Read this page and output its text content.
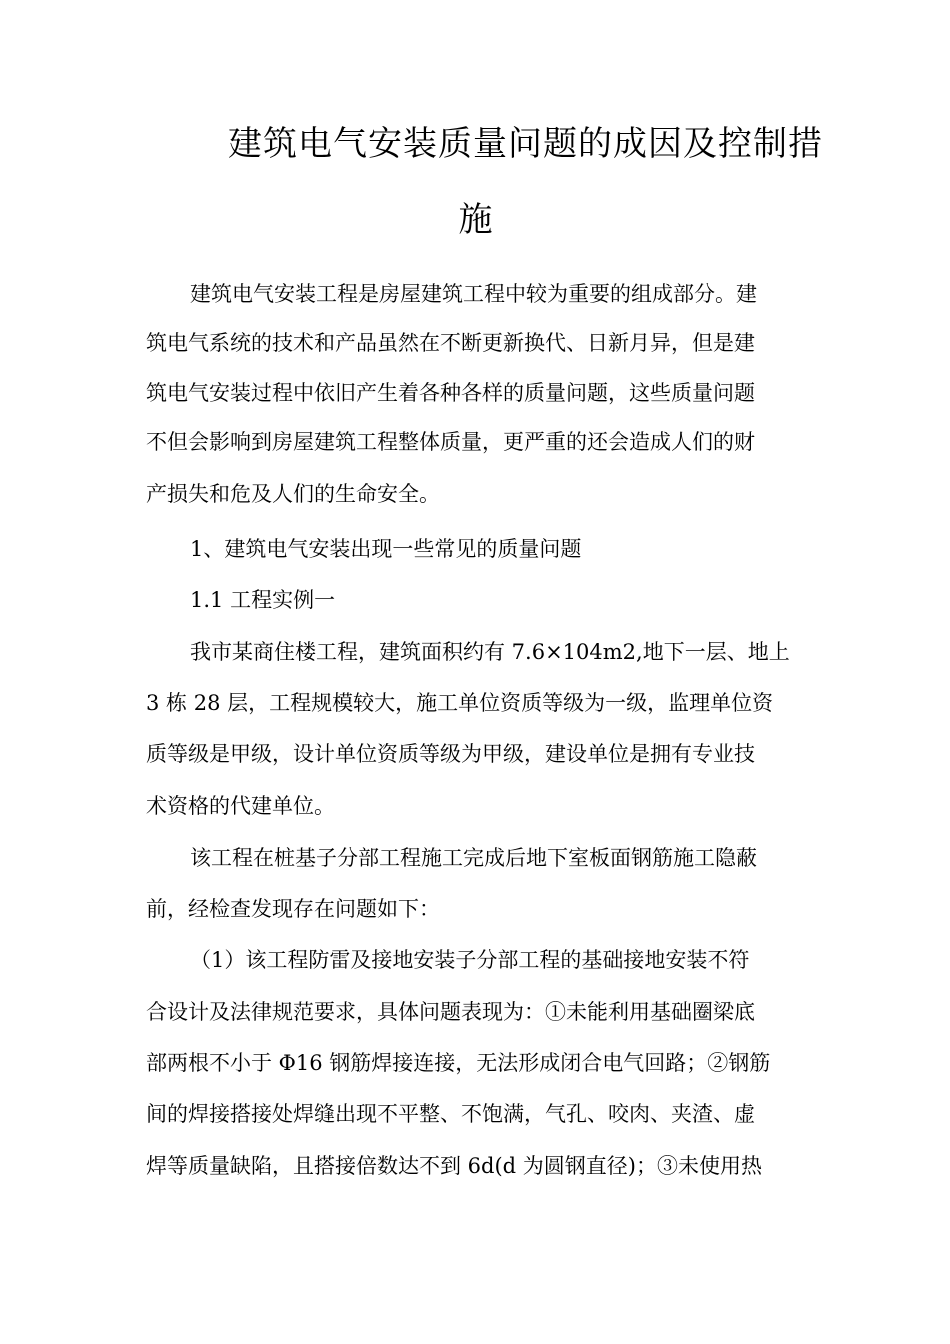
建筑电气安装质量问题的成因及控制措
施
建筑电气安装工程是房屋建筑工程中较为重要的组成部分。建
筑电气系统的技术和产品虽然在不断更新换代、日新月异，但是建
筑电气安装过程中依旧产生着各种各样的质量问题，这些质量问题
不但会影响到房屋建筑工程整体质量，更严重的还会造成人们的财
产损失和危及人们的生命安全。
1、建筑电气安装出现一些常见的质量问题
1.1 工程实例一
我市某商住楼工程，建筑面积约有 7.6×104m2,地下一层、地上
3 栋 28 层，工程规模较大，施工单位资质等级为一级，监理单位资
质等级是甲级，设计单位资质等级为甲级，建设单位是拥有专业技
术资格的代建单位。
该工程在桩基子分部工程施工完成后地下室板面钢筋施工隐蔽
前，经检查发现存在问题如下：
（1）该工程防雷及接地安装子分部工程的基础接地安装不符
合设计及法律规范要求，具体问题表现为：①未能利用基础圈梁底
部两根不小于 Φ16 钢筋焊接连接，无法形成闭合电气回路；②钢筋
间的焊接搭接处焊缝出现不平整、不饱满，气孔、咬肉、夹渣、虚
焊等质量缺陷，且搭接倍数达不到 6d(d 为圆钢直径)；③未使用热
